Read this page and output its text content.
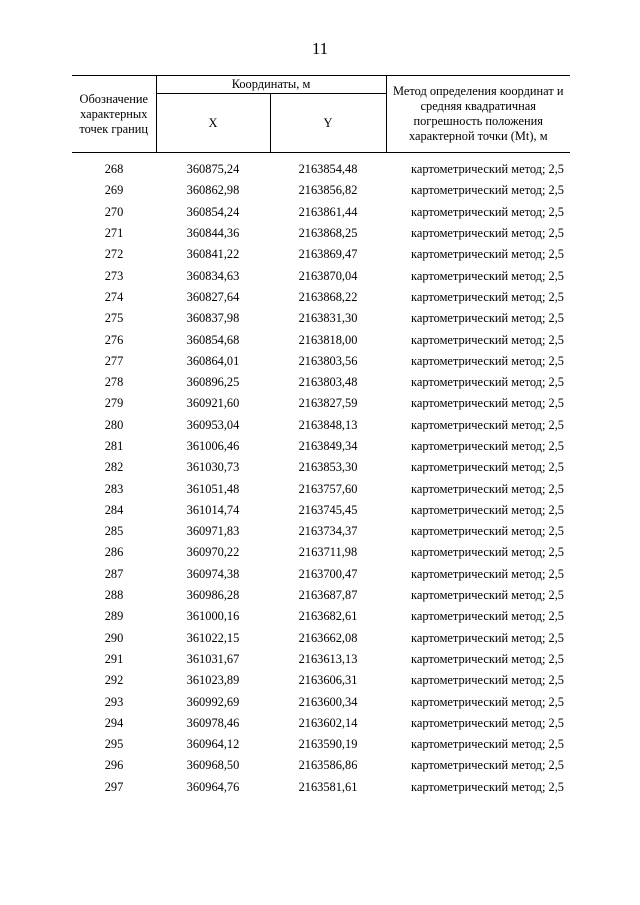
11
Обозначение характерных точек границ	Координаты, м		Метод определения координат и средняя квадратичная погрешность положения характерной точки (Mt), м
	X	Y	
268	360875,24	2163854,48	картометрический метод; 2,5
269	360862,98	2163856,82	картометрический метод; 2,5
270	360854,24	2163861,44	картометрический метод; 2,5
271	360844,36	2163868,25	картометрический метод; 2,5
272	360841,22	2163869,47	картометрический метод; 2,5
273	360834,63	2163870,04	картометрический метод; 2,5
274	360827,64	2163868,22	картометрический метод; 2,5
275	360837,98	2163831,30	картометрический метод; 2,5
276	360854,68	2163818,00	картометрический метод; 2,5
277	360864,01	2163803,56	картометрический метод; 2,5
278	360896,25	2163803,48	картометрический метод; 2,5
279	360921,60	2163827,59	картометрический метод; 2,5
280	360953,04	2163848,13	картометрический метод; 2,5
281	361006,46	2163849,34	картометрический метод; 2,5
282	361030,73	2163853,30	картометрический метод; 2,5
283	361051,48	2163757,60	картометрический метод; 2,5
284	361014,74	2163745,45	картометрический метод; 2,5
285	360971,83	2163734,37	картометрический метод; 2,5
286	360970,22	2163711,98	картометрический метод; 2,5
287	360974,38	2163700,47	картометрический метод; 2,5
288	360986,28	2163687,87	картометрический метод; 2,5
289	361000,16	2163682,61	картометрический метод; 2,5
290	361022,15	2163662,08	картометрический метод; 2,5
291	361031,67	2163613,13	картометрический метод; 2,5
292	361023,89	2163606,31	картометрический метод; 2,5
293	360992,69	2163600,34	картометрический метод; 2,5
294	360978,46	2163602,14	картометрический метод; 2,5
295	360964,12	2163590,19	картометрический метод; 2,5
296	360968,50	2163586,86	картометрический метод; 2,5
297	360964,76	2163581,61	картометрический метод; 2,5
